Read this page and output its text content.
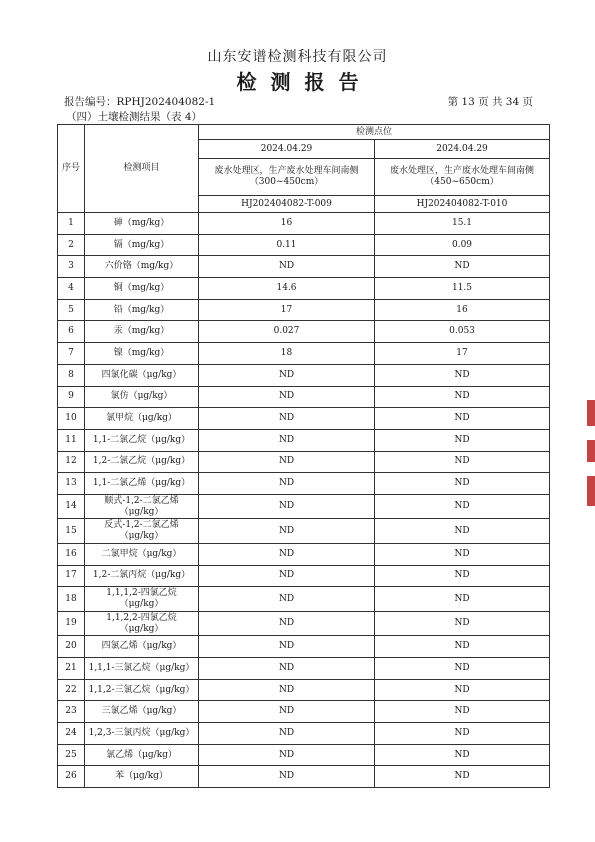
山东安谱检测科技有限公司
检测报告
报告编号：RPHJ202404082-1	第 13 页 共 34 页
（四）土壤检测结果（表 4）
序号	检测项目	检测点位	
		2024.04.29	2024.04.29

		废水处理区，生产废水处理车间南侧
（300~450cm）	废水处理区，生产废水处理车间南侧
（450~650cm）

		HJ202404082-T-009	HJ202404082-T-010
1	砷（mg/kg）	16	15.1
2	镉（mg/kg）	0.11	0.09
3	六价铬（mg/kg）	ND	ND
4	铜（mg/kg）	14.6	11.5
5	铅（mg/kg）	17	16
6	汞（mg/kg）	0.027	0.053
7	镍（mg/kg）	18	17
8	四氯化碳（μg/kg）	ND	ND
9	氯仿（μg/kg）	ND	ND
10	氯甲烷（μg/kg）	ND	ND
11	1,1-二氯乙烷（μg/kg）	ND	ND
12	1,2-二氯乙烷（μg/kg）	ND	ND
13	1,1-二氯乙烯（μg/kg）	ND	ND
14	顺式-1,2-二氯乙烯
（μg/kg）	ND	ND
15	反式-1,2-二氯乙烯
（μg/kg）	ND	ND
16	二氯甲烷（μg/kg）	ND	ND
17	1,2-二氯丙烷（μg/kg）	ND	ND
18	1,1,1,2-四氯乙烷
（μg/kg）	ND	ND
19	1,1,2,2-四氯乙烷
（μg/kg）	ND	ND
20	四氯乙烯（μg/kg）	ND	ND
21	1,1,1-三氯乙烷（μg/kg）	ND	ND
22	1,1,2-三氯乙烷（μg/kg）	ND	ND
23	三氯乙烯（μg/kg）	ND	ND
24	1,2,3-三氯丙烷（μg/kg）	ND	ND
25	氯乙烯（μg/kg）	ND	ND
26	苯（μg/kg）	ND	ND
